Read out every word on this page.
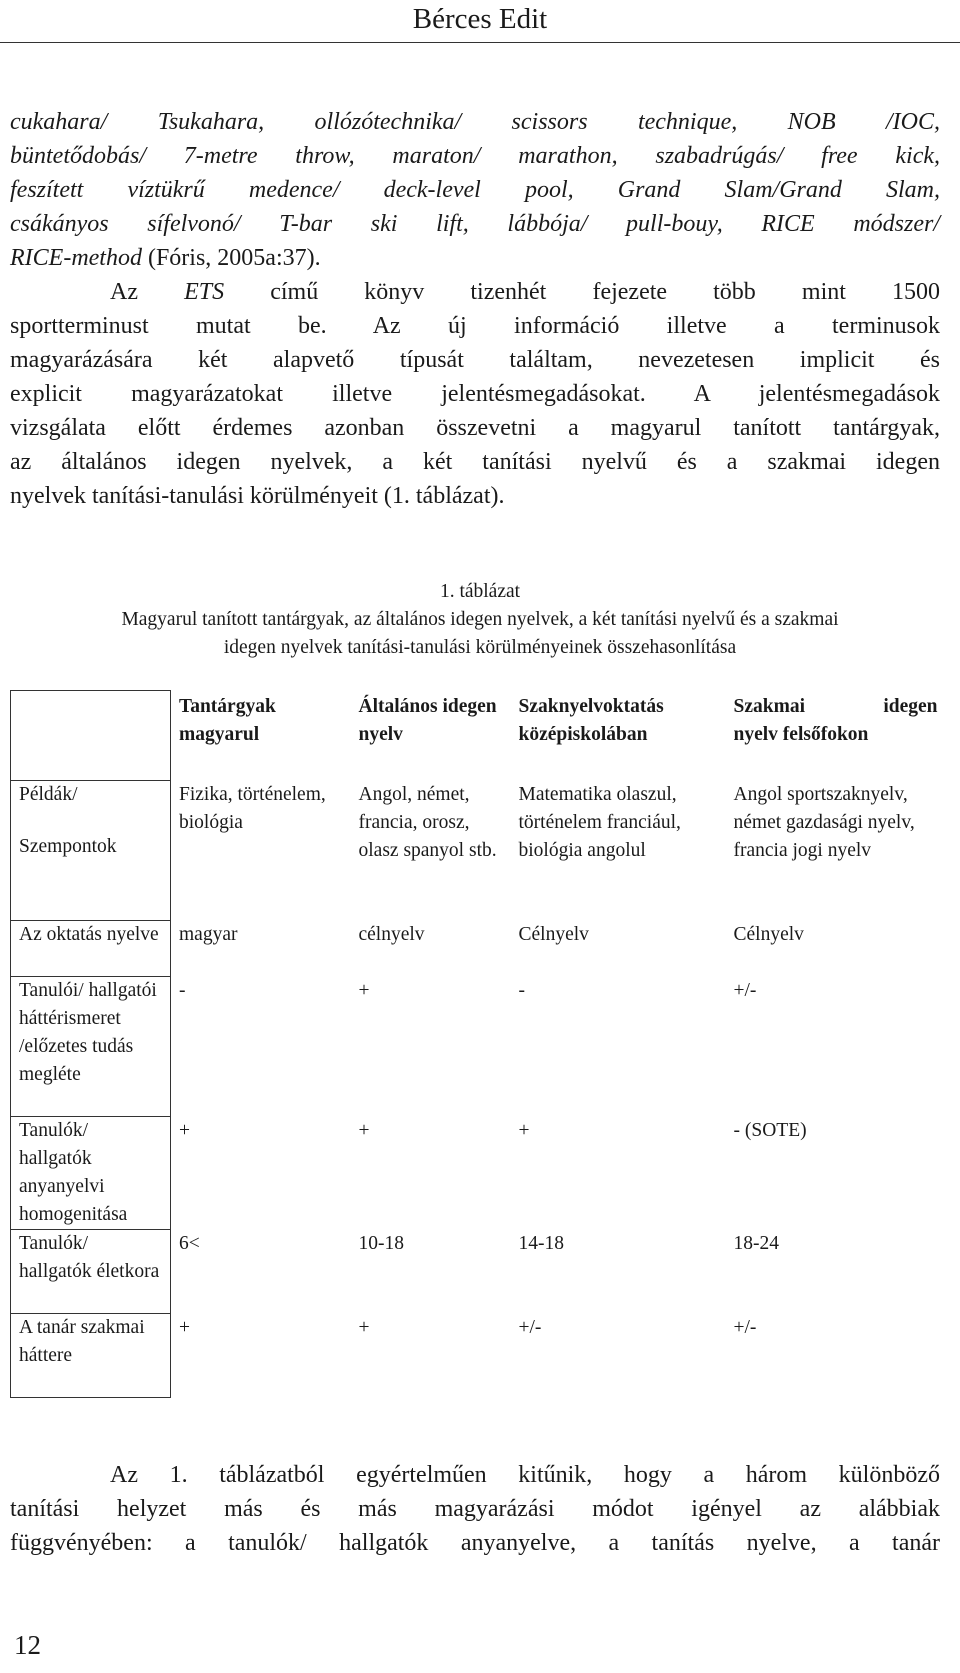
Bérces Edit
cukahara/ Tsukahara, ollózótechnika/ scissors technique, NOB /IOC,
büntetődobás/ 7-metre throw, maraton/ marathon, szabadrúgás/ free kick,
feszített víztükrű medence/ deck-level pool, Grand Slam/Grand Slam,
csákányos sífelvonó/ T-bar ski lift, lábbója/ pull-bouy, RICE módszer/
RICE-method (Fóris, 2005a:37).
Az ETS című könyv tizenhét fejezete több mint 1500
sportterminust mutat be. Az új információ illetve a terminusok
magyarázására két alapvető típusát találtam, nevezetesen implicit és
explicit magyarázatokat illetve jelentésmegadásokat. A jelentésmegadások
vizsgálata előtt érdemes azonban összevetni a magyarul tanított tantárgyak,
az általános idegen nyelvek, a két tanítási nyelvű és a szakmai idegen
nyelvek tanítási-tanulási körülményeit (1. táblázat).
1. táblázat
Magyarul tanított tantárgyak, az általános idegen nyelvek, a két tanítási nyelvű és a szakmai
idegen nyelvek tanítási-tanulási körülményeinek összehasonlítása
	Tantárgyak magyarul	Általános idegen nyelv	Szaknyelvoktatás középiskolában	Szakmai idegen
nyelv felsőfokon

Példák/
Szempontok	Fizika, történelem, biológia	Angol, német, francia, orosz, olasz spanyol stb.	Matematika olaszul, történelem franciául, biológia angolul	Angol sportszaknyelv, német gazdasági nyelv, francia jogi nyelv
Az oktatás nyelve	magyar	célnyelv	Célnyelv	Célnyelv
Tanulói/ hallgatói háttérismeret /előzetes tudás megléte	-	+	-	+/-
Tanulók/ hallgatók anyanyelvi homogenitása	+	+	+	- (SOTE)
Tanulók/ hallgatók életkora	6<	10-18	14-18	18-24
A tanár szakmai háttere	+	+	+/-	+/-
Az 1. táblázatból egyértelműen kitűnik, hogy a három különböző
tanítási helyzet más és más magyarázási módot igényel az alábbiak
függvényében: a tanulók/ hallgatók anyanyelve, a tanítás nyelve, a tanár
12
